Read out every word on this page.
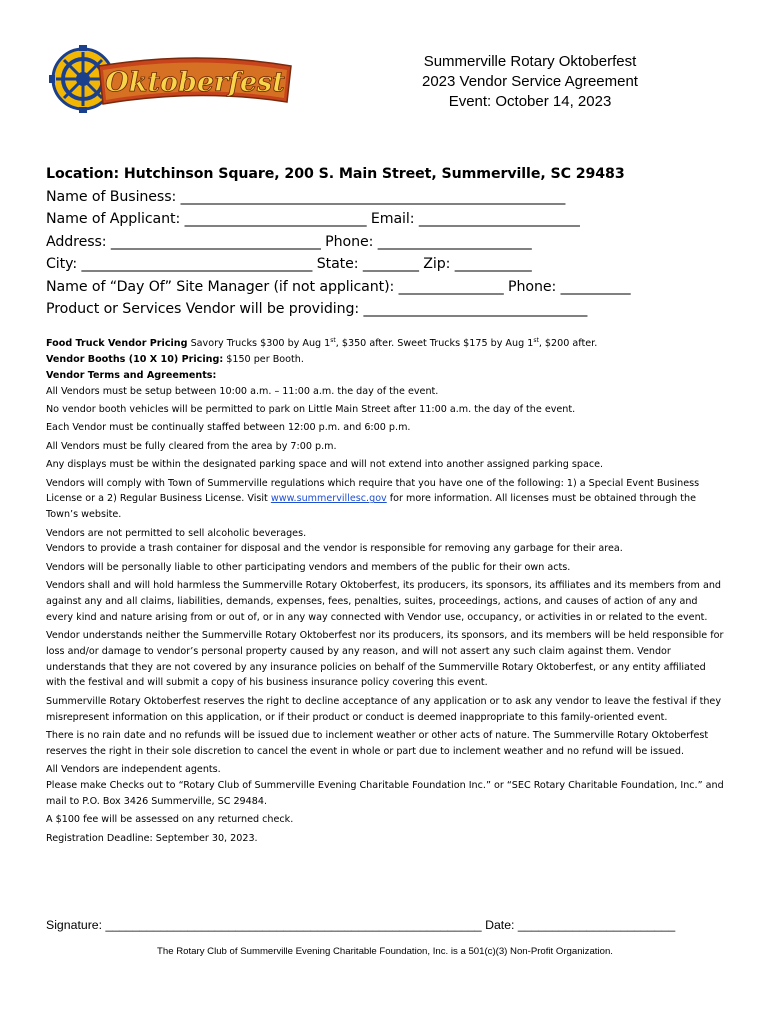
Oktoberfest
Summerville Rotary Oktoberfest
2023 Vendor Service Agreement
Event: October 14, 2023
Location: Hutchinson Square, 200 S. Main Street, Summerville, SC 29483
Name of Business: _______________________________________________________
Name of Applicant: __________________________ Email: _______________________
Address: ______________________________ Phone: ______________________
City: _________________________________ State: ________ Zip: ___________
Name of “Day Of” Site Manager (if not applicant): _______________ Phone: __________
Product or Services Vendor will be providing: ________________________________

Food Truck Vendor Pricing Savory Trucks $300 by Aug 1st, $350 after. Sweet Trucks $175 by Aug 1st, $200 after.

Vendor Booths (10 X 10) Pricing: $150 per Booth.

Vendor Terms and Agreements:

All Vendors must be setup between 10:00 a.m. – 11:00 a.m. the day of the event.

No vendor booth vehicles will be permitted to park on Little Main Street after 11:00 a.m. the day of the event.

Each Vendor must be continually staffed between 12:00 p.m. and 6:00 p.m.

All Vendors must be fully cleared from the area by 7:00 p.m.

Any displays must be within the designated parking space and will not extend into another assigned parking space.

Vendors will comply with Town of Summerville regulations which require that you have one of the following: 1) a Special Event Business License or a 2) Regular Business License. Visit www.summervillesc.gov for more information. All licenses must be obtained through the Town’s website.

Vendors are not permitted to sell alcoholic beverages.

Vendors to provide a trash container for disposal and the vendor is responsible for removing any garbage for their area.

Vendors will be personally liable to other participating vendors and members of the public for their own acts.

Vendors shall and will hold harmless the Summerville Rotary Oktoberfest, its producers, its sponsors, its affiliates and its members from and against any and all claims, liabilities, demands, expenses, fees, penalties, suites, proceedings, actions, and causes of action of any and every kind and nature arising from or out of, or in any way connected with Vendor use, occupancy, or activities in or related to the event.

Vendor understands neither the Summerville Rotary Oktoberfest nor its producers, its sponsors, and its members will be held responsible for loss and/or damage to vendor’s personal property caused by any reason, and will not assert any such claim against them. Vendor understands that they are not covered by any insurance policies on behalf of the Summerville Rotary Oktoberfest, or any entity affiliated with the festival and will submit a copy of his business insurance policy covering this event.

Summerville Rotary Oktoberfest reserves the right to decline acceptance of any application or to ask any vendor to leave the festival if they misrepresent information on this application, or if their product or conduct is deemed inappropriate to this family-oriented event.

There is no rain date and no refunds will be issued due to inclement weather or other acts of nature. The Summerville Rotary Oktoberfest reserves the right in their sole discretion to cancel the event in whole or part due to inclement weather and no refund will be issued.

All Vendors are independent agents.

Please make Checks out to “Rotary Club of Summerville Evening Charitable Foundation Inc.” or “SEC Rotary Charitable Foundation, Inc.” and mail to P.O. Box 3426 Summerville, SC 29484.

A $100 fee will be assessed on any returned check.

Registration Deadline: September 30, 2023.

Signature: _______________________________________________________ Date: _______________________
The Rotary Club of Summerville Evening Charitable Foundation, Inc. is a 501(c)(3) Non-Profit Organization.
